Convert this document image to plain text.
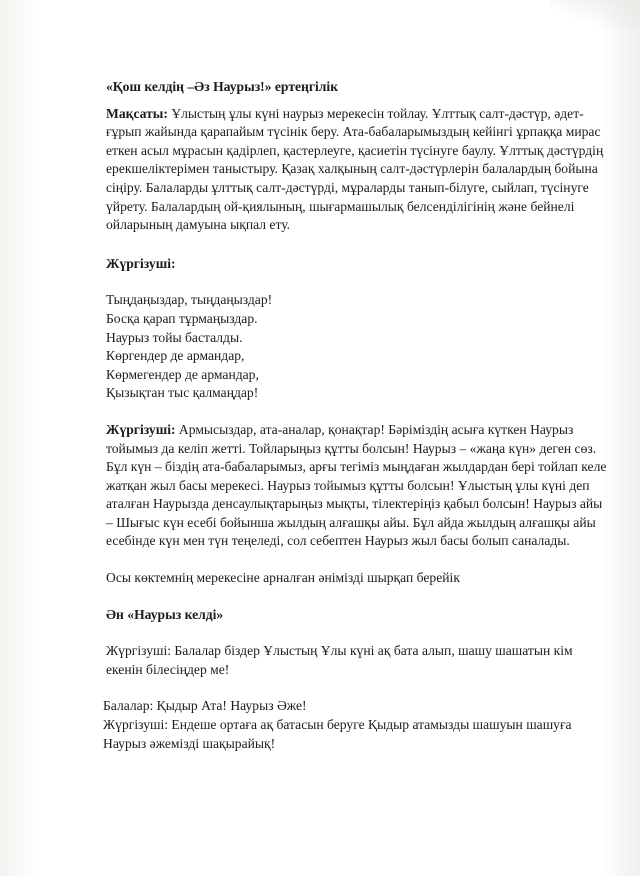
«Қош келдің –Әз Наурыз!» ертеңгілік

Мақсаты: Ұлыстың ұлы күні наурыз мерекесін тойлау. Ұлттық салт-дәстүр, әдет-ғұрып жайында қарапайым түсінік беру. Ата-бабаларымыздың кейінгі ұрпаққа мирас еткен асыл мұрасын қадірлеп, қастерлеуге, қасиетін түсінуге баулу. Ұлттық дәстүрдің ерекшеліктерімен таныстыру. Қазақ халқының салт-дәстүрлерін балалардың бойына сіңіру. Балаларды ұлттық салт-дәстүрді, мұраларды танып-білуге, сыйлап, түсінуге үйрету. Балалардың ой-қиялының, шығармашылық белсенділігінің және бейнелі ойларының дамуына ықпал ету.

Жүргізуші:

Тыңдаңыздар, тыңдаңыздар!
Босқа қарап тұрмаңыздар.
Наурыз тойы басталды.
Көргендер де армандар,
Көрмегендер де армандар,
Қызықтан тыс қалмаңдар!

Жүргізуші: Армысыздар, ата-аналар, қонақтар! Бәріміздің асыға күткен Наурыз тойымыз да келіп жетті. Тойларыңыз құтты болсын! Наурыз – «жаңа күн» деген сөз. Бұл күн – біздің ата-бабаларымыз, арғы тегіміз мыңдаған жылдардан бері тойлап келе жатқан жыл басы мерекесі. Наурыз тойымыз құтты болсын! Ұлыстың ұлы күні деп аталған Наурызда денсаулықтарыңыз мықты, тілектеріңіз қабыл болсын! Наурыз айы – Шығыс күн есебі бойынша жылдың алғашқы айы. Бұл айда жылдың алғашқы айы есебінде күн мен түн теңеледі, сол себептен Наурыз жыл басы болып саналады.

Осы көктемнің мерекесіне арналған әнімізді шырқап берейік

Ән «Наурыз келді»

Жүргізуші: Балалар біздер Ұлыстың Ұлы күні ақ бата алып, шашу шашатын кім екенін білесіңдер ме!

Балалар: Қыдыр Ата! Наурыз Әже!

Жүргізуші: Ендеше ортаға ақ батасын беруге Қыдыр атамызды шашуын шашуға Наурыз әжемізді шақырайық!
